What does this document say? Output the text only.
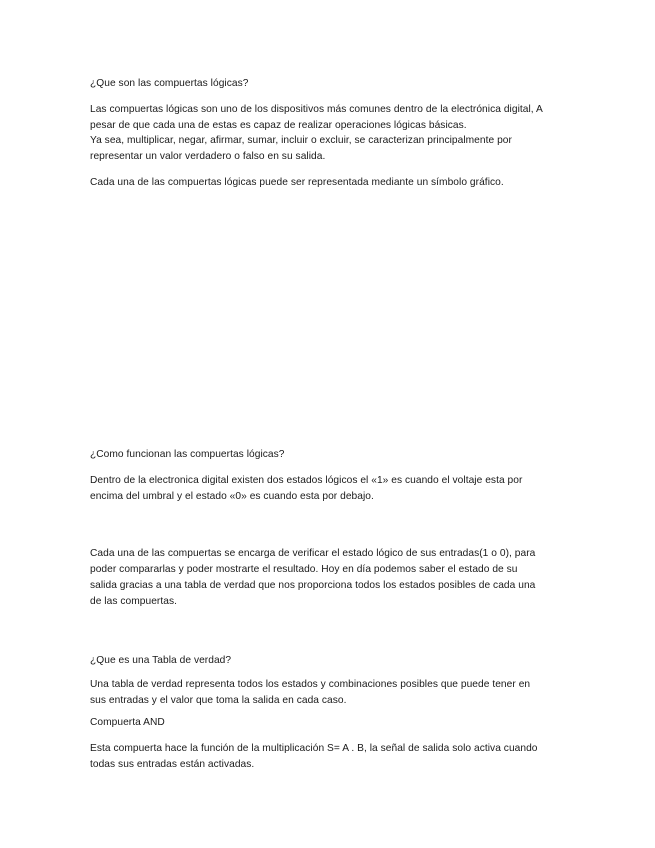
¿Que son las compuertas lógicas?
Las compuertas lógicas son uno de los dispositivos más comunes dentro de la electrónica digital, A
pesar de que cada una de estas es capaz de realizar operaciones lógicas básicas.
Ya sea, multiplicar, negar, afirmar, sumar, incluir o excluir, se caracterizan principalmente por
representar un valor verdadero o falso en su salida.
Cada una de las compuertas lógicas puede ser representada mediante un símbolo gráfico.
¿Como funcionan las compuertas lógicas?
Dentro de la electronica digital existen dos estados lógicos el «1» es cuando el voltaje esta por
encima del umbral y el estado «0» es cuando esta por debajo.
Cada una de las compuertas se encarga de verificar el estado lógico de sus entradas(1 o 0), para
poder compararlas y poder mostrarte el resultado. Hoy en día podemos saber el estado de su
salida gracias a una tabla de verdad que nos proporciona todos los estados posibles de cada una
de las compuertas.
¿Que es una Tabla de verdad?
Una tabla de verdad representa todos los estados y combinaciones posibles que puede tener en
sus entradas y el valor que toma la salida en cada caso.
Compuerta AND
Esta compuerta hace la función de la multiplicación S= A . B, la señal de salida solo activa cuando
todas sus entradas están activadas.
